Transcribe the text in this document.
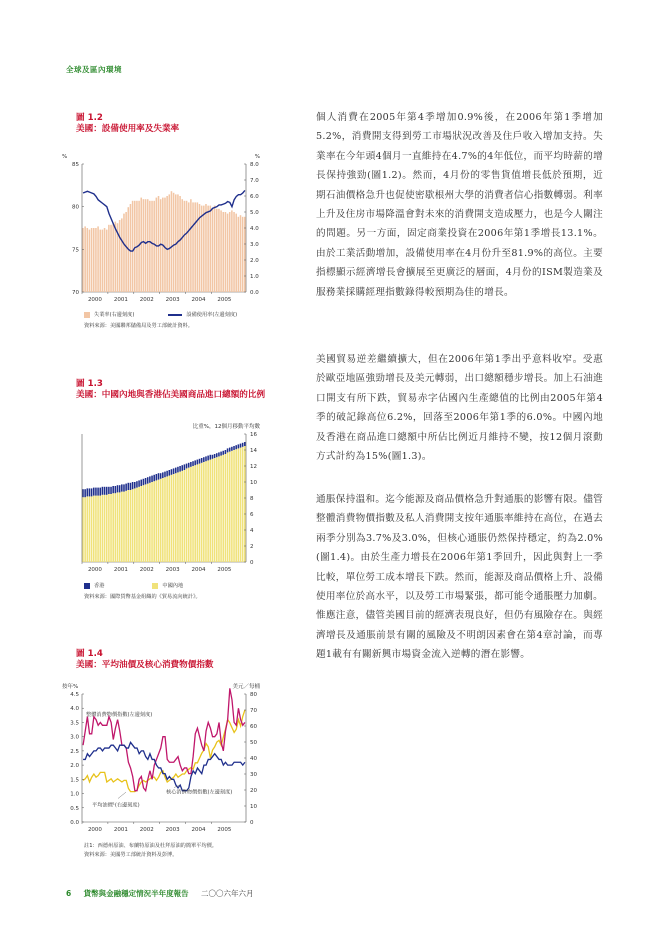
全球及區內環境
圖 1.2
美國：設備使用率及失業率
%
85
80
75
70
%
8.0
7.0
6.0
5.0
4.0
3.0
2.0
1.0
0.0
2000 2001 2002 2003 2004 2005
失業率(右邊刻度)	設備使用率(左邊刻度)
資料來源：美國聯邦儲備局及勞工部統計資料。
圖 1.3
美國：中國內地與香港佔美國商品進口總額的比例
比重%，12個月移動平均數
16
14
12
10
8
6
4
2
0
2000 2001 2002 2003 2004 2005
香港	中國內地
資料來源：國際貨幣基金組織的《貿易流向統計》。
圖 1.4
美國：平均油價及核心消費物價指數
按年%
4.5
4.0
3.5
3.0
2.5
2.0
1.5
1.0
0.5
0.0
美元／每桶
80
70
60
50
40
30
20
10
0
2000 2001 2002 2003 2004 2005
整體消費物價指數(左邊刻度)
核心消費物價指數(左邊刻度)
平均油價¹(右邊刻度)
註1：西德州原油、布蘭特原油及杜拜原油的簡單平均價。
資料來源：美國勞工部統計資料及彭博。
個人消費在2005年第4季增加0.9%後，在2006年第1季增加5.2%，消費開支得到勞工市場狀況改善及住戶收入增加支持。失業率在今年頭4個月一直維持在4.7%的4年低位，而平均時薪的增長保持強勁(圖1.2)。然而，4月份的零售貨值增長低於預期，近期石油價格急升也促使密歇根州大學的消費者信心指數轉弱。利率上升及住房市場降溫會對未來的消費開支造成壓力，也是今人關注的問題。另一方面，固定商業投資在2006年第1季增長13.1%。由於工業活動增加，設備使用率在4月份升至81.9%的高位。主要指標顯示經濟增長會擴展至更廣泛的層面，4月份的ISM製造業及服務業採購經理指數錄得較預期為佳的增長。
美國貿易逆差繼續擴大，但在2006年第1季出乎意料收窄。受惠於歐亞地區強勁增長及美元轉弱，出口總額穩步增長。加上石油進口開支有所下跌，貿易赤字佔國內生產總值的比例由2005年第4季的破記錄高位6.2%，回落至2006年第1季的6.0%。中國內地及香港在商品進口總額中所佔比例近月維持不變，按12個月滾動方式計約為15%(圖1.3)。
通脹保持溫和。迄今能源及商品價格急升對通脹的影響有限。儘管整體消費物價指數及私人消費開支按年通脹率維持在高位，在過去兩季分別為3.7%及3.0%，但核心通脹仍然保持穩定，約為2.0%(圖1.4)。由於生產力增長在2006年第1季回升，因此與對上一季比較，單位勞工成本增長下跌。然而，能源及商品價格上升、設備使用率位於高水平，以及勞工市場緊張，都可能令通脹壓力加劇。惟應注意，儘管美國目前的經濟表現良好，但仍有風險存在。與經濟增長及通脹前景有關的風險及不明朗因素會在第4章討論，而專題1載有有關新興市場資金流入逆轉的潛在影響。
6 貨幣與金融穩定情況半年度報告 二〇〇六年六月
